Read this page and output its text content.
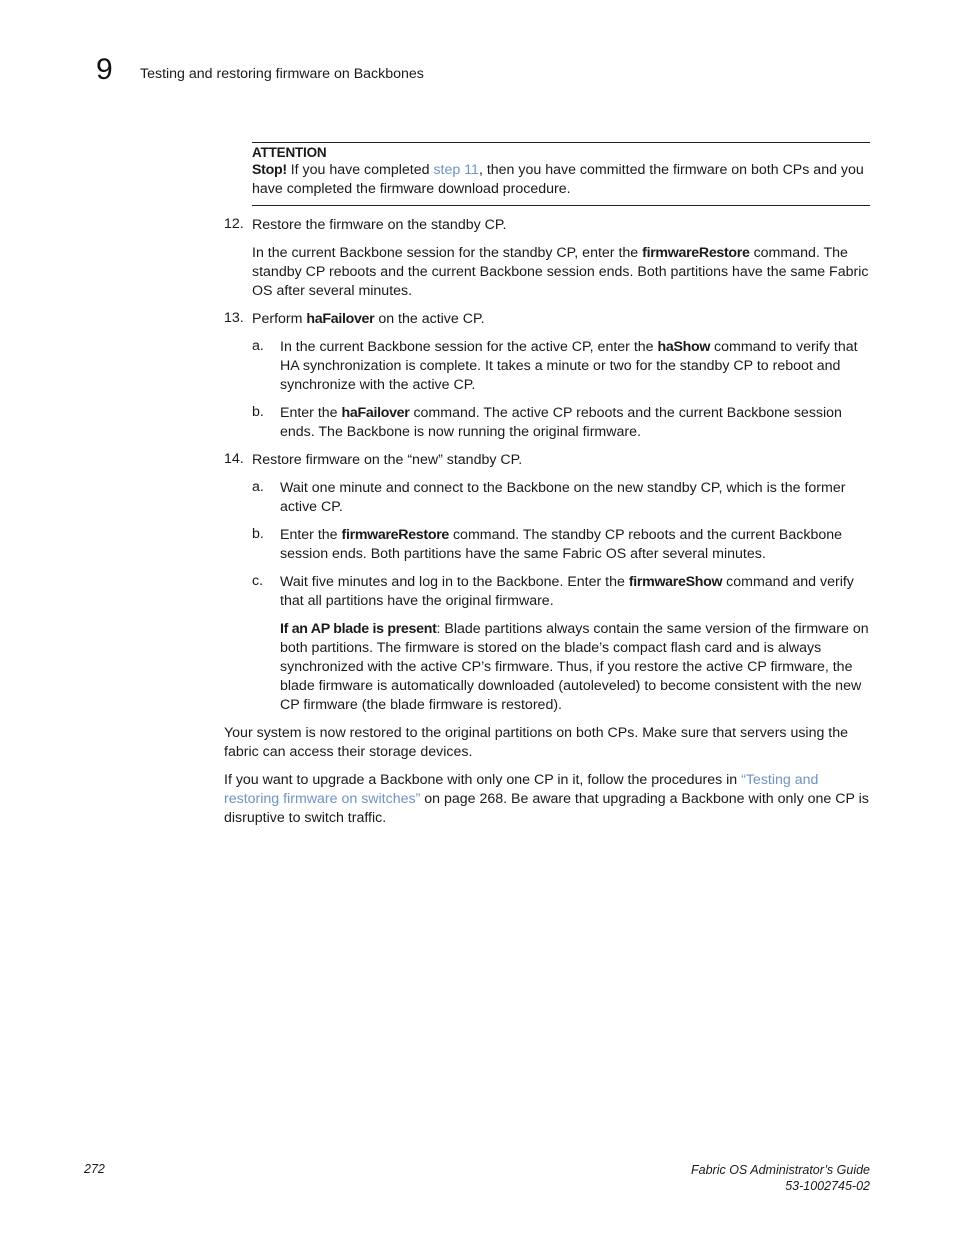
9 Testing and restoring firmware on Backbones
ATTENTION

Stop! If you have completed step 11, then you have committed the firmware on both CPs and you have completed the firmware download procedure.

12. Restore the firmware on the standby CP.

In the current Backbone session for the standby CP, enter the firmwareRestore command. The standby CP reboots and the current Backbone session ends. Both partitions have the same Fabric OS after several minutes.

13. Perform haFailover on the active CP.

a. In the current Backbone session for the active CP, enter the haShow command to verify that HA synchronization is complete. It takes a minute or two for the standby CP to reboot and synchronize with the active CP.

b. Enter the haFailover command. The active CP reboots and the current Backbone session ends. The Backbone is now running the original firmware.

14. Restore firmware on the “new” standby CP.

a. Wait one minute and connect to the Backbone on the new standby CP, which is the former active CP.

b. Enter the firmwareRestore command. The standby CP reboots and the current Backbone session ends. Both partitions have the same Fabric OS after several minutes.

c. Wait five minutes and log in to the Backbone. Enter the firmwareShow command and verify that all partitions have the original firmware.

If an AP blade is present: Blade partitions always contain the same version of the firmware on both partitions. The firmware is stored on the blade’s compact flash card and is always synchronized with the active CP’s firmware. Thus, if you restore the active CP firmware, the blade firmware is automatically downloaded (autoleveled) to become consistent with the new CP firmware (the blade firmware is restored).

Your system is now restored to the original partitions on both CPs. Make sure that servers using the fabric can access their storage devices.

If you want to upgrade a Backbone with only one CP in it, follow the procedures in “Testing and restoring firmware on switches” on page 268. Be aware that upgrading a Backbone with only one CP is disruptive to switch traffic.

272	Fabric OS Administrator’s Guide
53-1002745-02
